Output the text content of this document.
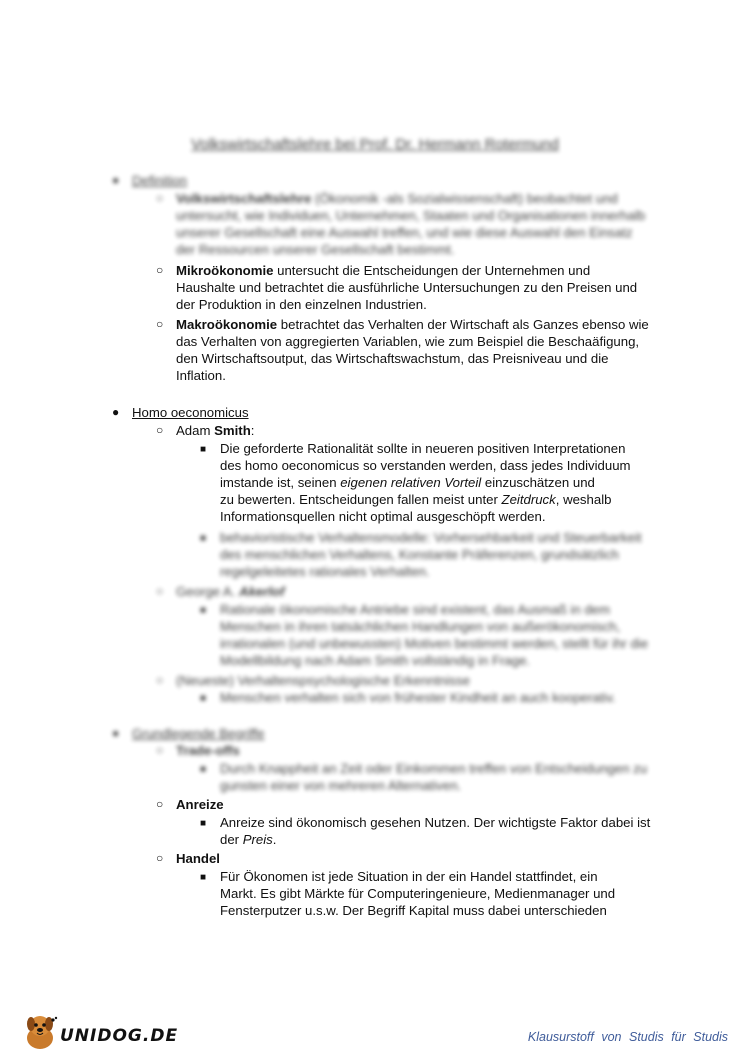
Volkswirtschaftslehre bei Prof. Dr. Hermann Rotermund
● Definition
○ Volkswirtschaftslehre (Ökonomik -als Sozialwissenschaft) beobachtet und
untersucht, wie Individuen, Unternehmen, Staaten und Organisationen innerhalb
unserer Gesellschaft eine Auswahl treffen, und wie diese Auswahl den Einsatz
der Ressourcen unserer Gesellschaft bestimmt.
○ Mikroökonomie untersucht die Entscheidungen der Unternehmen und
Haushalte und betrachtet die ausführliche Untersuchungen zu den Preisen und
der Produktion in den einzelnen Industrien.
○ Makroökonomie betrachtet das Verhalten der Wirtschaft als Ganzes ebenso wie
das Verhalten von aggregierten Variablen, wie zum Beispiel die Beschaäfigung,
den Wirtschaftsoutput, das Wirtschaftswachstum, das Preisniveau und die
Inflation.
● Homo oeconomicus
○ Adam Smith:
■ Die geforderte Rationalität sollte in neueren positiven Interpretationen
des homo oeconomicus so verstanden werden, dass jedes Individuum
imstande ist, seinen eigenen relativen Vorteil einzuschätzen und
zu bewerten. Entscheidungen fallen meist unter Zeitdruck, weshalb
Informationsquellen nicht optimal ausgeschöpft werden.
■ behavioristische Verhaltensmodelle: Vorhersehbarkeit und Steuerbarkeit
des menschlichen Verhaltens, Konstante Präferenzen, grundsätzlich
regelgeleitetes rationales Verhalten.
○ George A. Akerlof
■ Rationale ökonomische Antriebe sind existent, das Ausmaß in dem
Menschen in ihren tatsächlichen Handlungen von außerökonomisch,
irrationalen (und unbewussten) Motiven bestimmt werden, stellt für ihr die
Modellbildung nach Adam Smith vollständig in Frage.
○ (Neueste) Verhaltenspsychologische Erkenntnisse
■ Menschen verhalten sich von frühester Kindheit an auch kooperativ.
● Grundlegende Begriffe
○ Trade-offs
■ Durch Knappheit an Zeit oder Einkommen treffen von Entscheidungen zu
gunsten einer von mehreren Alternativen.
○ Anreize
■ Anreize sind ökonomisch gesehen Nutzen. Der wichtigste Faktor dabei ist
der Preis.
○ Handel
■ Für Ökonomen ist jede Situation in der ein Handel stattfindet, ein
Markt. Es gibt Märkte für Computeringenieure, Medienmanager und
Fensterputzer u.s.w. Der Begriff Kapital muss dabei unterschieden
UNIDOG.DE	Klausurstoff von Studis für Studis
